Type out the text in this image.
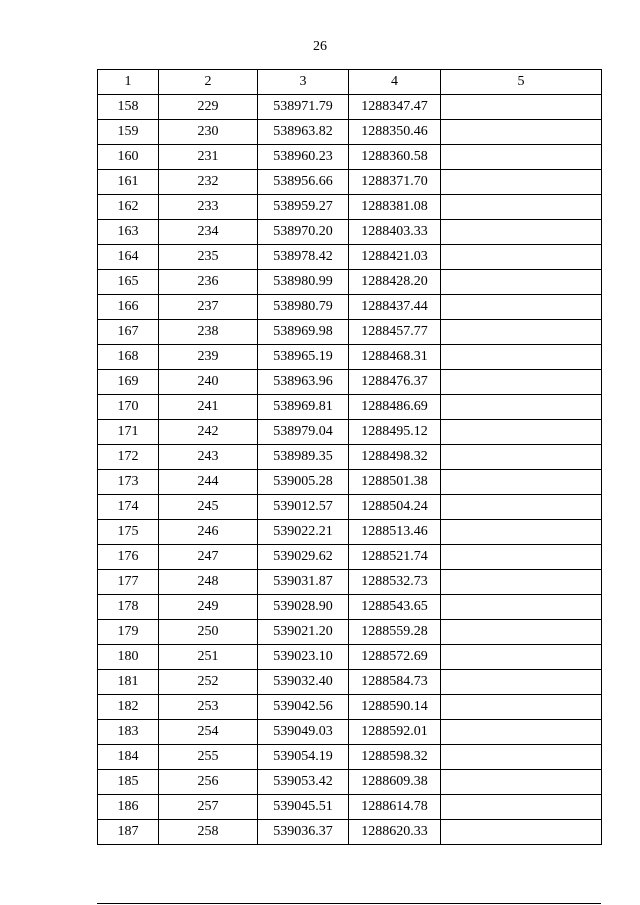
26
1	2	3	4	5
158	229	538971.79	1288347.47	
159	230	538963.82	1288350.46	
160	231	538960.23	1288360.58	
161	232	538956.66	1288371.70	
162	233	538959.27	1288381.08	
163	234	538970.20	1288403.33	
164	235	538978.42	1288421.03	
165	236	538980.99	1288428.20	
166	237	538980.79	1288437.44	
167	238	538969.98	1288457.77	
168	239	538965.19	1288468.31	
169	240	538963.96	1288476.37	
170	241	538969.81	1288486.69	
171	242	538979.04	1288495.12	
172	243	538989.35	1288498.32	
173	244	539005.28	1288501.38	
174	245	539012.57	1288504.24	
175	246	539022.21	1288513.46	
176	247	539029.62	1288521.74	
177	248	539031.87	1288532.73	
178	249	539028.90	1288543.65	
179	250	539021.20	1288559.28	
180	251	539023.10	1288572.69	
181	252	539032.40	1288584.73	
182	253	539042.56	1288590.14	
183	254	539049.03	1288592.01	
184	255	539054.19	1288598.32	
185	256	539053.42	1288609.38	
186	257	539045.51	1288614.78	
187	258	539036.37	1288620.33	
